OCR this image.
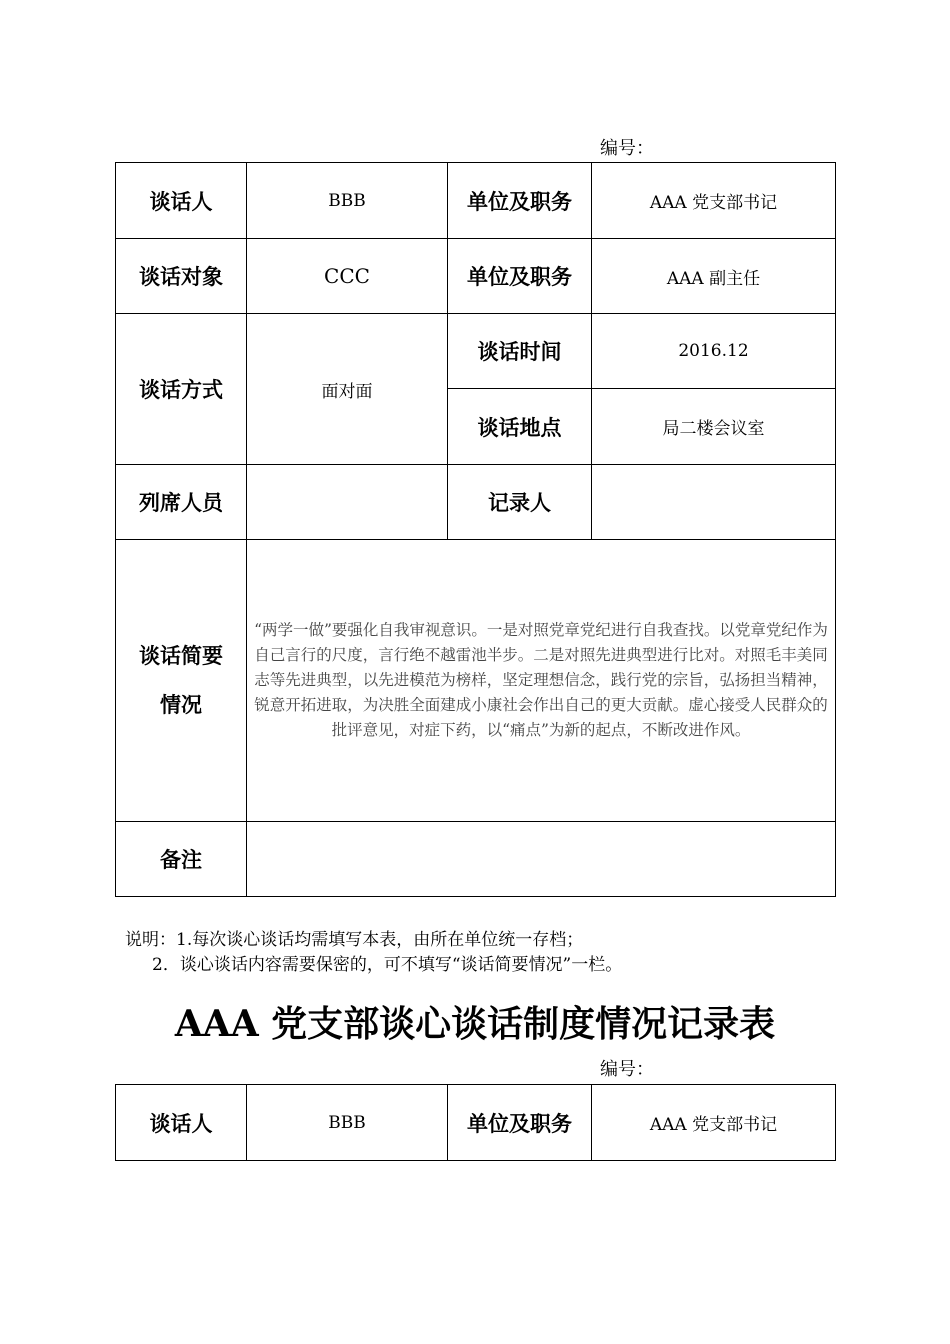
编号：
谈话人	BBB	单位及职务	AAA 党支部书记
谈话对象	CCC	单位及职务	AAA 副主任
谈话方式	面对面	谈话时间	2016.12
		谈话地点	局二楼会议室
列席人员		记录人	
谈话简要
情况	“两学一做”要强化自我审视意识。一是对照党章党纪进行自我查找。以党章党纪作为自己言行的尺度，言行绝不越雷池半步。二是对照先进典型进行比对。对照毛丰美同志等先进典型，以先进模范为榜样，坚定理想信念，践行党的宗旨，弘扬担当精神，锐意开拓进取，为决胜全面建成小康社会作出自己的更大贡献。虚心接受人民群众的批评意见，对症下药，以“痛点”为新的起点，不断改进作风。		
备注			
说明：1.每次谈心谈话均需填写本表，由所在单位统一存档；
2．谈心谈话内容需要保密的，可不填写“谈话简要情况”一栏。
AAA 党支部谈心谈话制度情况记录表
编号：
谈话人	BBB	单位及职务	AAA 党支部书记
